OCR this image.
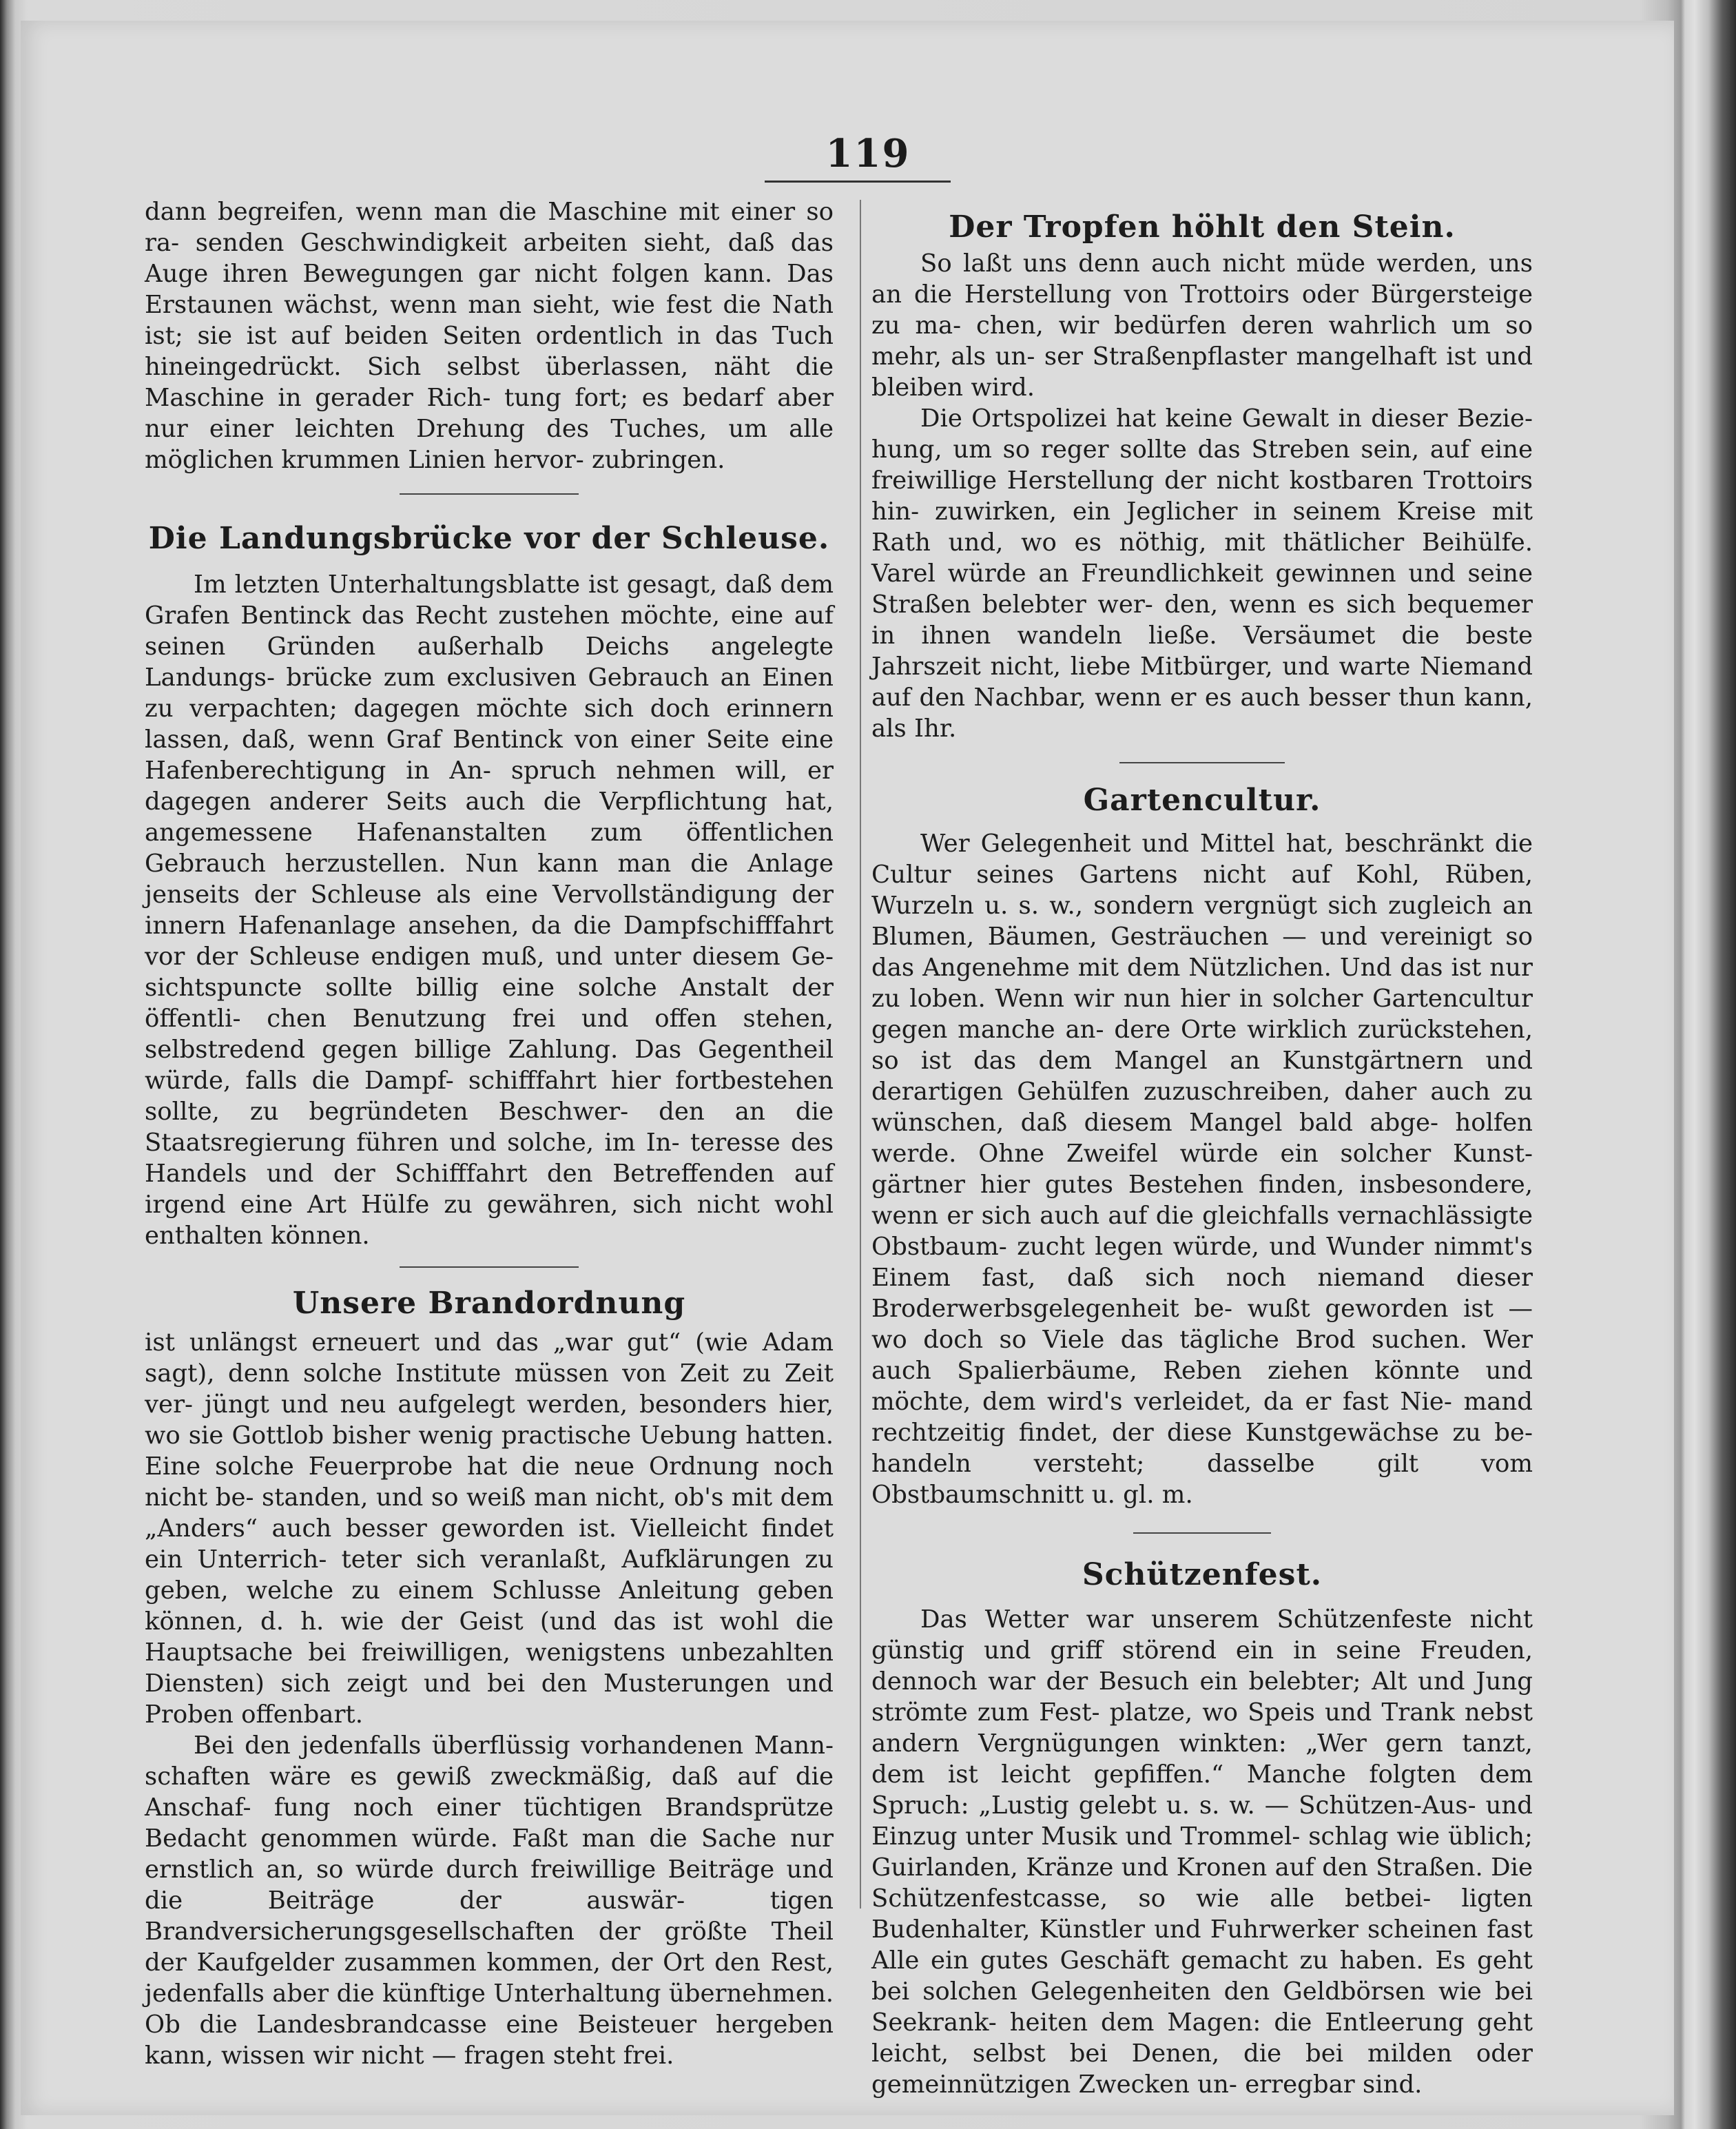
119

dann begreifen, wenn man die Maschine mit einer so ra- senden Geschwindigkeit arbeiten sieht, daß das Auge ihren Bewegungen gar nicht folgen kann. Das Erstaunen wächst, wenn man sieht, wie fest die Nath ist; sie ist auf beiden Seiten ordentlich in das Tuch hineingedrückt. Sich selbst überlassen, näht die Maschine in gerader Rich- tung fort; es bedarf aber nur einer leichten Drehung des Tuches, um alle möglichen krummen Linien hervor- zubringen.

Die Landungsbrücke vor der Schleuse.

Im letzten Unterhaltungsblatte ist gesagt, daß dem Grafen Bentinck das Recht zustehen möchte, eine auf seinen Gründen außerhalb Deichs angelegte Landungs- brücke zum exclusiven Gebrauch an Einen zu verpachten; dagegen möchte sich doch erinnern lassen, daß, wenn Graf Bentinck von einer Seite eine Hafenberechtigung in An- spruch nehmen will, er dagegen anderer Seits auch die Verpflichtung hat, angemessene Hafenanstalten zum öffentlichen Gebrauch herzustellen. Nun kann man die Anlage jenseits der Schleuse als eine Vervollständigung der innern Hafenanlage ansehen, da die Dampfschifffahrt vor der Schleuse endigen muß, und unter diesem Ge- sichtspuncte sollte billig eine solche Anstalt der öffentli- chen Benutzung frei und offen stehen, selbstredend gegen billige Zahlung. Das Gegentheil würde, falls die Dampf- schifffahrt hier fortbestehen sollte, zu begründeten Beschwer- den an die Staatsregierung führen und solche, im In- teresse des Handels und der Schifffahrt den Betreffenden auf irgend eine Art Hülfe zu gewähren, sich nicht wohl enthalten können.

Unsere Brandordnung

ist unlängst erneuert und das „war gut“ (wie Adam sagt), denn solche Institute müssen von Zeit zu Zeit ver- jüngt und neu aufgelegt werden, besonders hier, wo sie Gottlob bisher wenig practische Uebung hatten. Eine solche Feuerprobe hat die neue Ordnung noch nicht be- standen, und so weiß man nicht, ob's mit dem „Anders“ auch besser geworden ist. Vielleicht findet ein Unterrich- teter sich veranlaßt, Aufklärungen zu geben, welche zu einem Schlusse Anleitung geben können, d. h. wie der Geist (und das ist wohl die Hauptsache bei freiwilligen, wenigstens unbezahlten Diensten) sich zeigt und bei den Musterungen und Proben offenbart.

Bei den jedenfalls überflüssig vorhandenen Mann- schaften wäre es gewiß zweckmäßig, daß auf die Anschaf- fung noch einer tüchtigen Brandsprütze Bedacht genommen würde. Faßt man die Sache nur ernstlich an, so würde durch freiwillige Beiträge und die Beiträge der auswär-	tigen Brandversicherungsgesellschaften der größte Theil der Kaufgelder zusammen kommen, der Ort den Rest, jedenfalls aber die künftige Unterhaltung übernehmen. Ob die Landesbrandcasse eine Beisteuer hergeben kann, wissen wir nicht — fragen steht frei.

Der Tropfen höhlt den Stein.

So laßt uns denn auch nicht müde werden, uns an die Herstellung von Trottoirs oder Bürgersteige zu ma- chen, wir bedürfen deren wahrlich um so mehr, als un- ser Straßenpflaster mangelhaft ist und bleiben wird.

Die Ortspolizei hat keine Gewalt in dieser Bezie- hung, um so reger sollte das Streben sein, auf eine freiwillige Herstellung der nicht kostbaren Trottoirs hin- zuwirken, ein Jeglicher in seinem Kreise mit Rath und, wo es nöthig, mit thätlicher Beihülfe. Varel würde an Freundlichkeit gewinnen und seine Straßen belebter wer- den, wenn es sich bequemer in ihnen wandeln ließe. Versäumet die beste Jahrszeit nicht, liebe Mitbürger, und warte Niemand auf den Nachbar, wenn er es auch besser thun kann, als Ihr.

Gartencultur.

Wer Gelegenheit und Mittel hat, beschränkt die Cultur seines Gartens nicht auf Kohl, Rüben, Wurzeln u. s. w., sondern vergnügt sich zugleich an Blumen, Bäumen, Gesträuchen — und vereinigt so das Angenehme mit dem Nützlichen. Und das ist nur zu loben. Wenn wir nun hier in solcher Gartencultur gegen manche an- dere Orte wirklich zurückstehen, so ist das dem Mangel an Kunstgärtnern und derartigen Gehülfen zuzuschreiben, daher auch zu wünschen, daß diesem Mangel bald abge- holfen werde. Ohne Zweifel würde ein solcher Kunst- gärtner hier gutes Bestehen finden, insbesondere, wenn er sich auch auf die gleichfalls vernachlässigte Obstbaum- zucht legen würde, und Wunder nimmt's Einem fast, daß sich noch niemand dieser Broderwerbsgelegenheit be- wußt geworden ist — wo doch so Viele das tägliche Brod suchen. Wer auch Spalierbäume, Reben ziehen könnte und möchte, dem wird's verleidet, da er fast Nie- mand rechtzeitig findet, der diese Kunstgewächse zu be- handeln versteht; dasselbe gilt vom Obstbaumschnitt u. gl. m.

Schützenfest.

Das Wetter war unserem Schützenfeste nicht günstig und griff störend ein in seine Freuden, dennoch war der Besuch ein belebter; Alt und Jung strömte zum Fest- platze, wo Speis und Trank nebst andern Vergnügungen winkten: „Wer gern tanzt, dem ist leicht gepfiffen.“ Manche folgten dem Spruch: „Lustig gelebt u. s. w. — Schützen-Aus- und Einzug unter Musik und Trommel- schlag wie üblich; Guirlanden, Kränze und Kronen auf den Straßen. Die Schützenfestcasse, so wie alle betbei- ligten Budenhalter, Künstler und Fuhrwerker scheinen fast Alle ein gutes Geschäft gemacht zu haben. Es geht bei solchen Gelegenheiten den Geldbörsen wie bei Seekrank- heiten dem Magen: die Entleerung geht leicht, selbst bei Denen, die bei milden oder gemeinnützigen Zwecken un- erregbar sind.
